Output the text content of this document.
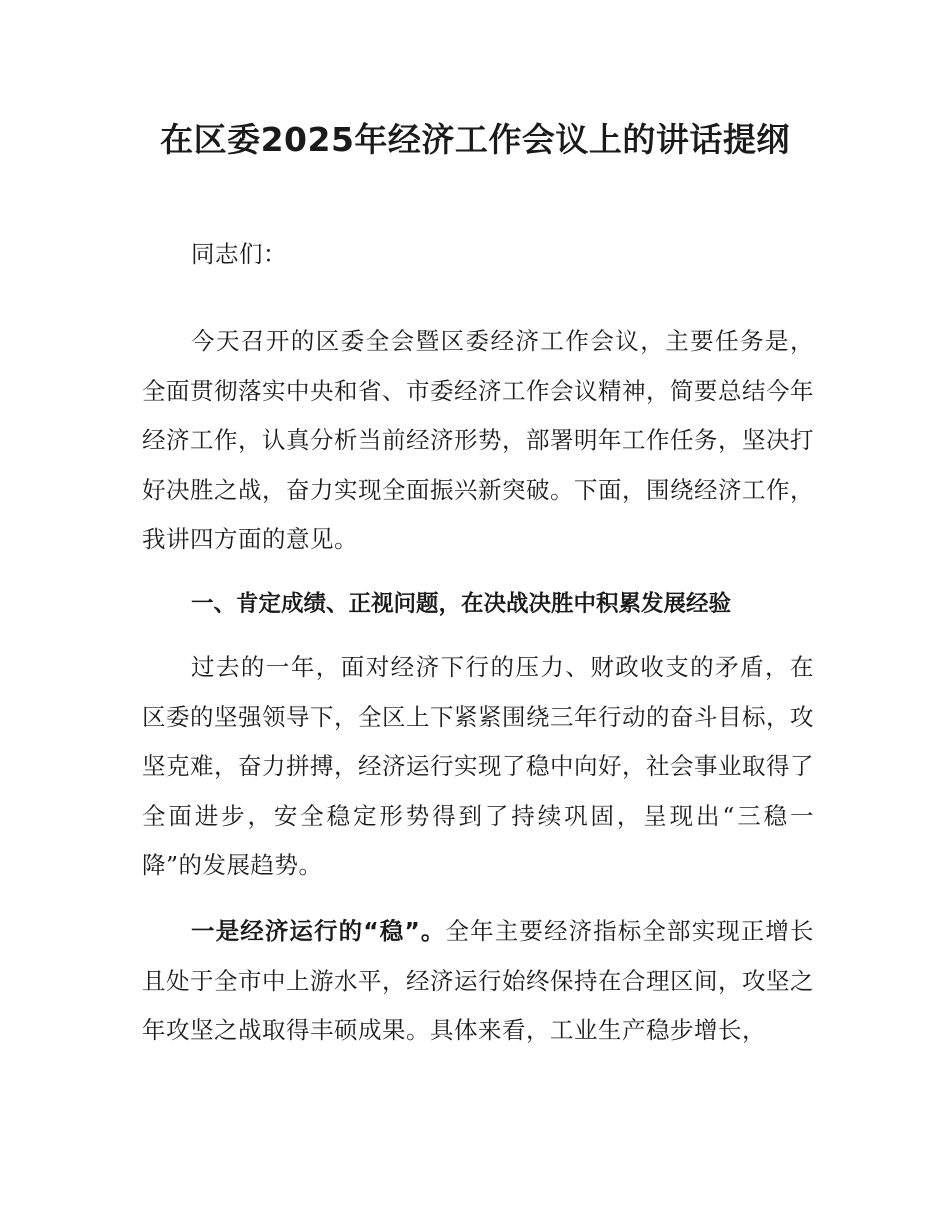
在区委2025年经济工作会议上的讲话提纲

同志们：

今天召开的区委全会暨区委经济工作会议，主要任务是，全面贯彻落实中央和省、市委经济工作会议精神，简要总结今年经济工作，认真分析当前经济形势，部署明年工作任务，坚决打好决胜之战，奋力实现全面振兴新突破。下面，围绕经济工作，我讲四方面的意见。

一、肯定成绩、正视问题，在决战决胜中积累发展经验

过去的一年，面对经济下行的压力、财政收支的矛盾，在区委的坚强领导下，全区上下紧紧围绕三年行动的奋斗目标，攻坚克难，奋力拼搏，经济运行实现了稳中向好，社会事业取得了全面进步，安全稳定形势得到了持续巩固，呈现出“三稳一降”的发展趋势。

一是经济运行的“稳”。全年主要经济指标全部实现正增长且处于全市中上游水平，经济运行始终保持在合理区间，攻坚之年攻坚之战取得丰硕成果。具体来看，工业生产稳步增长，
